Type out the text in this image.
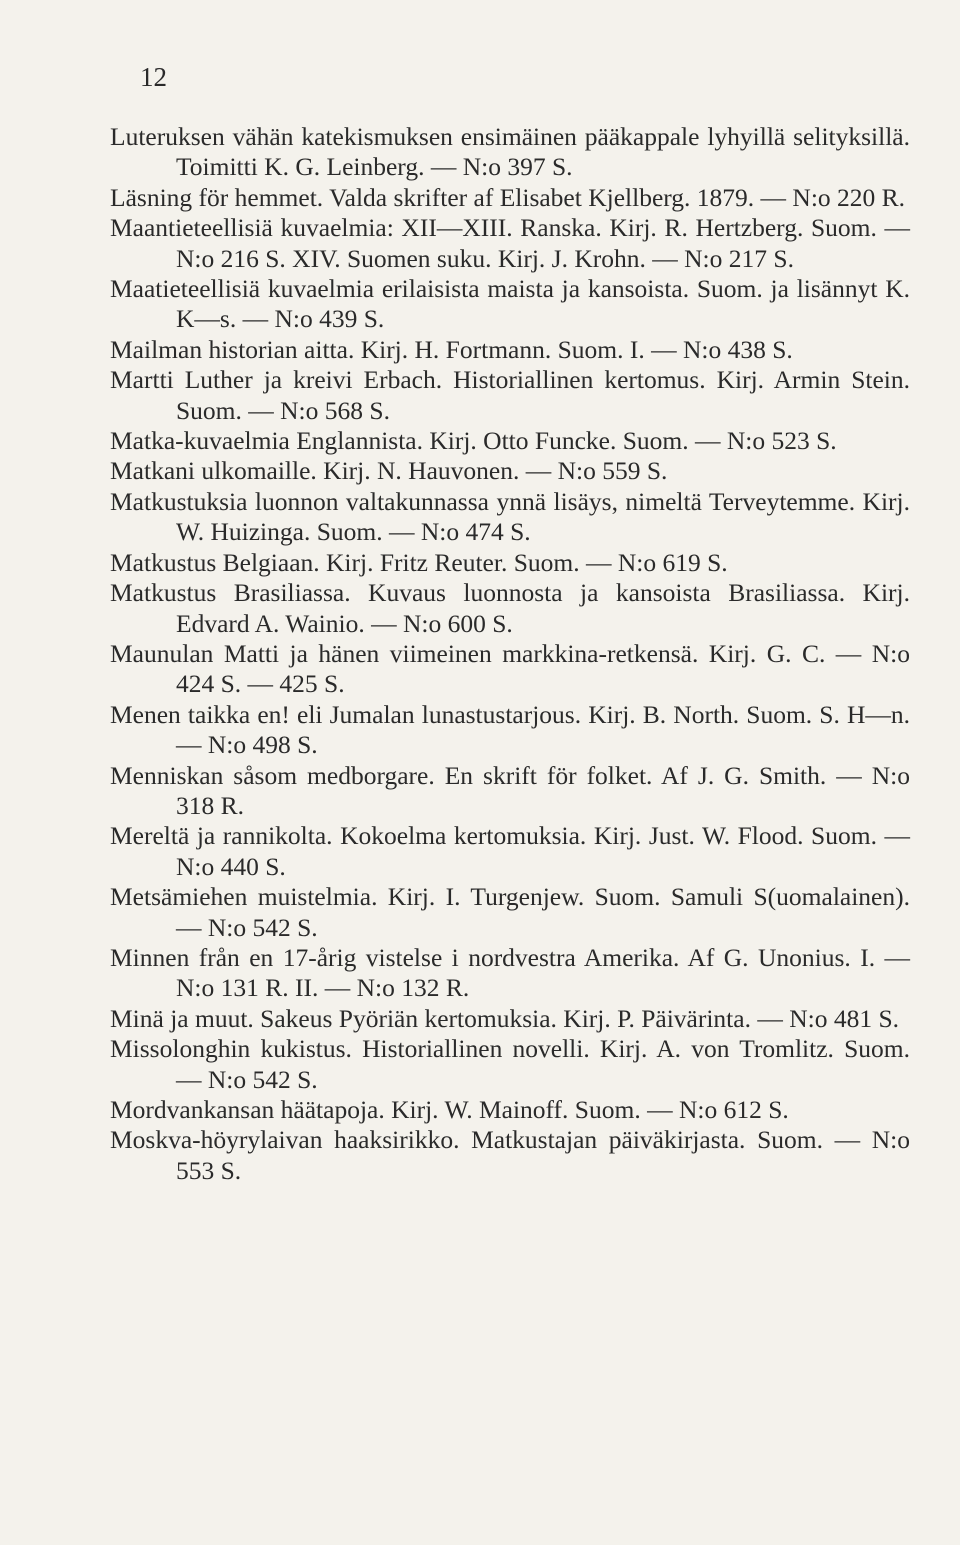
12

Luteruksen vähän katekismuksen ensimäinen pääkappale lyhyillä selityksillä. Toimitti K. G. Leinberg. — N:o 397 S.

Läsning för hemmet. Valda skrifter af Elisabet Kjellberg. 1879. — N:o 220 R.

Maantieteellisiä kuvaelmia: XII—XIII. Ranska. Kirj. R. Hertzberg. Suom. — N:o 216 S. XIV. Suomen suku. Kirj. J. Krohn. — N:o 217 S.

Maatieteellisiä kuvaelmia erilaisista maista ja kansoista. Suom. ja lisännyt K. K—s. — N:o 439 S.

Mailman historian aitta. Kirj. H. Fortmann. Suom. I. — N:o 438 S.

Martti Luther ja kreivi Erbach. Historiallinen kertomus. Kirj. Armin Stein. Suom. — N:o 568 S.

Matka-kuvaelmia Englannista. Kirj. Otto Funcke. Suom. — N:o 523 S.

Matkani ulkomaille. Kirj. N. Hauvonen. — N:o 559 S.

Matkustuksia luonnon valtakunnassa ynnä lisäys, nimeltä Terveytemme. Kirj. W. Huizinga. Suom. — N:o 474 S.

Matkustus Belgiaan. Kirj. Fritz Reuter. Suom. — N:o 619 S.

Matkustus Brasiliassa. Kuvaus luonnosta ja kansoista Brasiliassa. Kirj. Edvard A. Wainio. — N:o 600 S.

Maunulan Matti ja hänen viimeinen markkina-retkensä. Kirj. G. C. — N:o 424 S. — 425 S.

Menen taikka en! eli Jumalan lunastustarjous. Kirj. B. North. Suom. S. H—n. — N:o 498 S.

Menniskan såsom medborgare. En skrift för folket. Af J. G. Smith. — N:o 318 R.

Mereltä ja rannikolta. Kokoelma kertomuksia. Kirj. Just. W. Flood. Suom. — N:o 440 S.

Metsämiehen muistelmia. Kirj. I. Turgenjew. Suom. Samuli S(uomalainen). — N:o 542 S.

Minnen från en 17-årig vistelse i nordvestra Amerika. Af G. Unonius. I. — N:o 131 R. II. — N:o 132 R.

Minä ja muut. Sakeus Pyöriän kertomuksia. Kirj. P. Päivärinta. — N:o 481 S.

Missolonghin kukistus. Historiallinen novelli. Kirj. A. von Tromlitz. Suom. — N:o 542 S.

Mordvankansan häätapoja. Kirj. W. Mainoff. Suom. — N:o 612 S.

Moskva-höyrylaivan haaksirikko. Matkustajan päiväkirjasta. Suom. — N:o 553 S.
